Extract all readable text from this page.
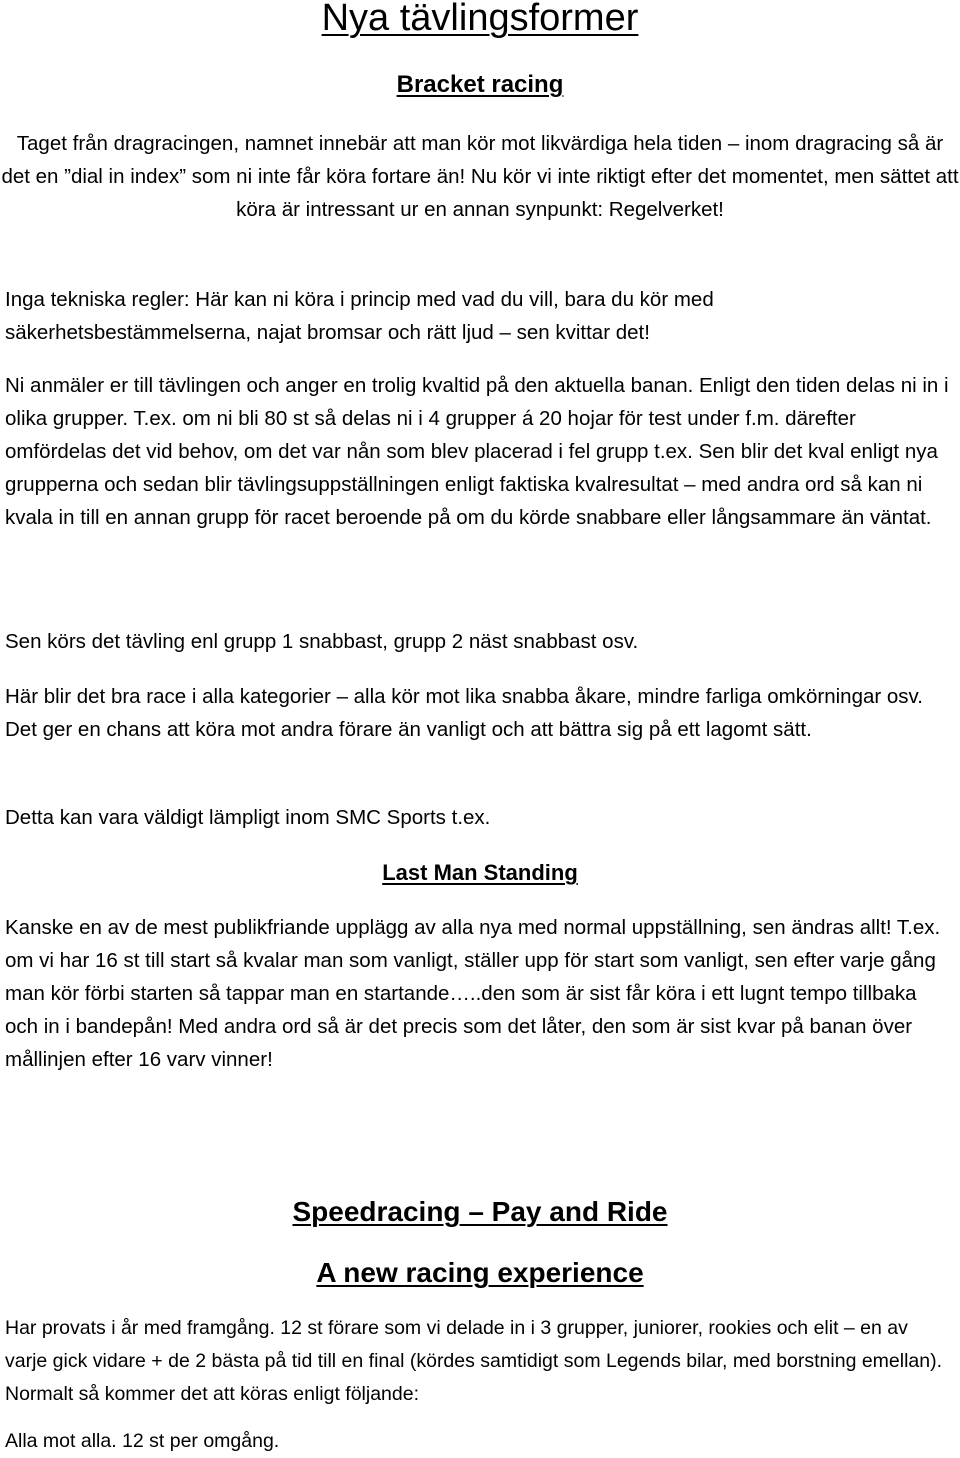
Nya tävlingsformer
Bracket racing

Taget från dragracingen, namnet innebär att man kör mot likvärdiga hela tiden – inom dragracing så är det en ”dial in index” som ni inte får köra fortare än! Nu kör vi inte riktigt efter det momentet, men sättet att köra är intressant ur en annan synpunkt: Regelverket!

Inga tekniska regler: Här kan ni köra i princip med vad du vill, bara du kör med säkerhetsbestämmelserna, najat bromsar och rätt ljud – sen kvittar det!

Ni anmäler er till tävlingen och anger en trolig kvaltid på den aktuella banan. Enligt den tiden delas ni in i olika grupper. T.ex. om ni bli 80 st så delas ni i 4 grupper á 20 hojar för test under f.m. därefter omfördelas det vid behov, om det var nån som blev placerad i fel grupp t.ex. Sen blir det kval enligt nya grupperna och sedan blir tävlingsuppställningen enligt faktiska kvalresultat – med andra ord så kan ni kvala in till en annan grupp för racet beroende på om du körde snabbare eller långsammare än väntat.

Sen körs det tävling enl grupp 1 snabbast, grupp 2 näst snabbast osv.

Här blir det bra race i alla kategorier – alla kör mot lika snabba åkare, mindre farliga omkörningar osv. Det ger en chans att köra mot andra förare än vanligt och att bättra sig på ett lagomt sätt.

Detta kan vara väldigt lämpligt inom SMC Sports t.ex.

Last Man Standing

Kanske en av de mest publikfriande upplägg av alla nya med normal uppställning, sen ändras allt! T.ex. om vi har 16 st till start så kvalar man som vanligt, ställer upp för start som vanligt, sen efter varje gång man kör förbi starten så tappar man en startande…..den som är sist får köra i ett lugnt tempo tillbaka och in i bandepån! Med andra ord så är det precis som det låter, den som är sist kvar på banan över mållinjen efter 16 varv vinner!

Speedracing – Pay and Ride
A new racing experience

Har provats i år med framgång. 12 st förare som vi delade in i 3 grupper, juniorer, rookies och elit – en av varje gick vidare + de 2 bästa på tid till en final (kördes samtidigt som Legends bilar, med borstning emellan). Normalt så kommer det att köras enligt följande:

Alla mot alla. 12 st per omgång.
